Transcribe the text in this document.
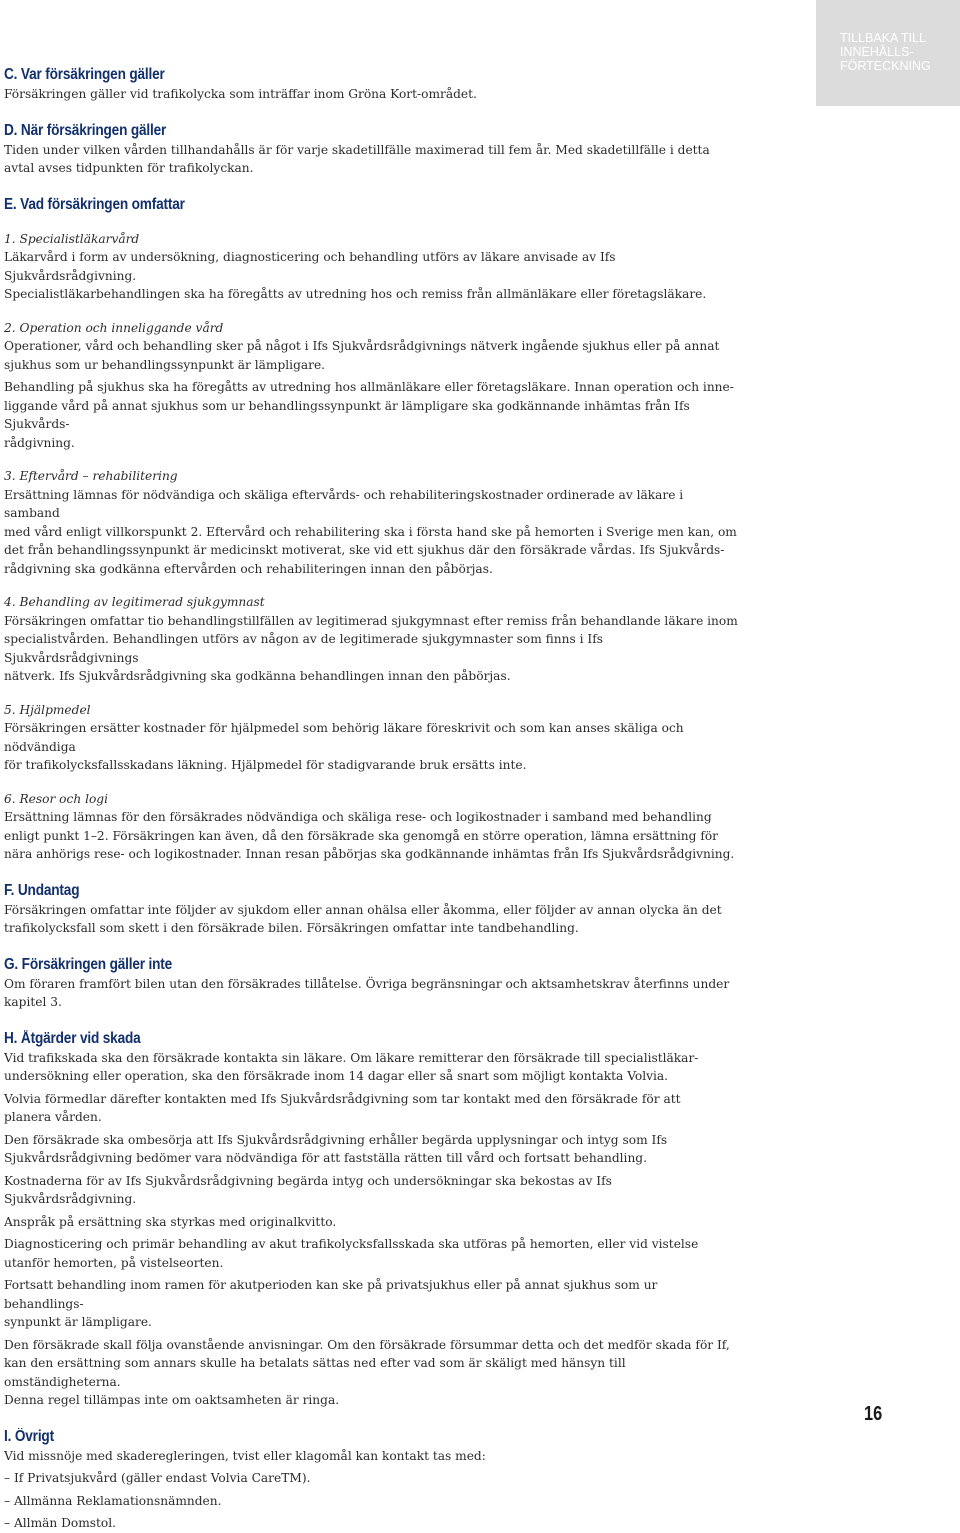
TILLBAKA TILL
INNEHÅLLS-
FÖRTECKNING
C. Var försäkringen gäller
Försäkringen gäller vid trafikolycka som inträffar inom Gröna Kort-området.
D. När försäkringen gäller
Tiden under vilken vården tillhandahålls är för varje skadetillfälle maximerad till fem år. Med skadetillfälle i detta
avtal avses tidpunkten för trafikolyckan.
E. Vad försäkringen omfattar
1. Specialistläkarvård
Läkarvård i form av undersökning, diagnosticering och behandling utförs av läkare anvisade av Ifs Sjukvårdsrådgivning.
Specialistläkarbehandlingen ska ha föregåtts av utredning hos och remiss från allmänläkare eller företagsläkare.
2. Operation och inneliggande vård
Operationer, vård och behandling sker på något i Ifs Sjukvårdsrådgivnings nätverk ingående sjukhus eller på annat
sjukhus som ur behandlingssynpunkt är lämpligare.
Behandling på sjukhus ska ha föregåtts av utredning hos allmänläkare eller företagsläkare. Innan operation och inne-
liggande vård på annat sjukhus som ur behandlingssynpunkt är lämpligare ska godkännande inhämtas från Ifs Sjukvårds-
rådgivning.
3. Eftervård – rehabilitering
Ersättning lämnas för nödvändiga och skäliga eftervårds- och rehabiliteringskostnader ordinerade av läkare i samband
med vård enligt villkorspunkt 2. Eftervård och rehabilitering ska i första hand ske på hemorten i Sverige men kan, om
det från behandlingssynpunkt är medicinskt motiverat, ske vid ett sjukhus där den försäkrade vårdas. Ifs Sjukvårds-
rådgivning ska godkänna eftervården och rehabiliteringen innan den påbörjas.
4. Behandling av legitimerad sjukgymnast
Försäkringen omfattar tio behandlingstillfällen av legitimerad sjukgymnast efter remiss från behandlande läkare inom
specialistvården. Behandlingen utförs av någon av de legitimerade sjukgymnaster som finns i Ifs Sjukvårdsrådgivnings
nätverk. Ifs Sjukvårdsrådgivning ska godkänna behandlingen innan den påbörjas.
5. Hjälpmedel
Försäkringen ersätter kostnader för hjälpmedel som behörig läkare föreskrivit och som kan anses skäliga och nödvändiga
för trafikolycksfallsskadans läkning. Hjälpmedel för stadigvarande bruk ersätts inte.
6. Resor och logi
Ersättning lämnas för den försäkrades nödvändiga och skäliga rese- och logikostnader i samband med behandling
enligt punkt 1–2. Försäkringen kan även, då den försäkrade ska genomgå en större operation, lämna ersättning för
nära anhörigs rese- och logikostnader. Innan resan påbörjas ska godkännande inhämtas från Ifs Sjukvårdsrådgivning.
F. Undantag
Försäkringen omfattar inte följder av sjukdom eller annan ohälsa eller åkomma, eller följder av annan olycka än det
trafikolycksfall som skett i den försäkrade bilen. Försäkringen omfattar inte tandbehandling.
G. Försäkringen gäller inte
Om föraren framfört bilen utan den försäkrades tillåtelse. Övriga begränsningar och aktsamhetskrav återfinns under
kapitel 3.
H. Åtgärder vid skada
Vid trafikskada ska den försäkrade kontakta sin läkare. Om läkare remitterar den försäkrade till specialistläkar-
undersökning eller operation, ska den försäkrade inom 14 dagar eller så snart som möjligt kontakta Volvia.
Volvia förmedlar därefter kontakten med Ifs Sjukvårdsrådgivning som tar kontakt med den försäkrade för att
planera vården.
Den försäkrade ska ombesörja att Ifs Sjukvårdsrådgivning erhåller begärda upplysningar och intyg som Ifs
Sjukvårdsrådgivning bedömer vara nödvändiga för att fastställa rätten till vård och fortsatt behandling.
Kostnaderna för av Ifs Sjukvårdsrådgivning begärda intyg och undersökningar ska bekostas av Ifs Sjukvårdsrådgivning.
Anspråk på ersättning ska styrkas med originalkvitto.
Diagnosticering och primär behandling av akut trafikolycksfallsskada ska utföras på hemorten, eller vid vistelse
utanför hemorten, på vistelseorten.
Fortsatt behandling inom ramen för akutperioden kan ske på privatsjukhus eller på annat sjukhus som ur behandlings-
synpunkt är lämpligare.
Den försäkrade skall följa ovanstående anvisningar. Om den försäkrade försummar detta och det medför skada för If,
kan den ersättning som annars skulle ha betalats sättas ned efter vad som är skäligt med hänsyn till omständigheterna.
Denna regel tillämpas inte om oaktsamheten är ringa.
I. Övrigt
Vid missnöje med skaderegleringen, tvist eller klagomål kan kontakt tas med:
– If Privatsjukvård (gäller endast Volvia CareTM).
– Allmänna Reklamationsnämnden.
– Allmän Domstol.
16
